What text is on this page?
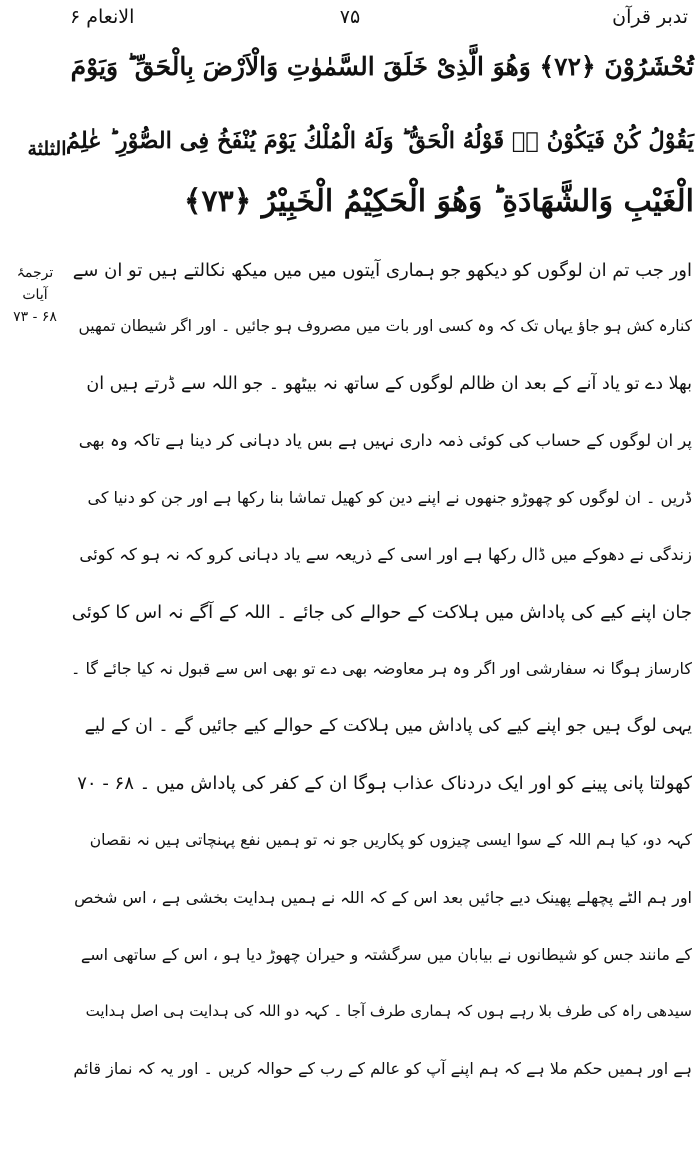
تدبر قرآن
۷۵
الانعام ۶
تُحْشَرُوْنَ ﴿۷۲﴾ وَهُوَ الَّذِیْ خَلَقَ السَّمٰوٰتِ وَالْاَرْضَ بِالْحَقِّ ؕ وَیَوْمَ
یَقُوْلُ كُنْ فَیَكُوْنُ ؕ۬ قَوْلُهُ الْحَقُّ ؕ وَلَهُ الْمُلْكُ یَوْمَ یُنْفَخُ فِی الصُّوْرِ ؕ عٰلِمُ
الْغَیْبِ وَالشَّهَادَةِ ؕ وَهُوَ الْحَكِیْمُ الْخَبِیْرُ ﴿۷۳﴾
الثلثة
ترجمۂ آیات
۶۸ - ۷۳
اور جب تم ان لوگوں کو دیکھو جو ہماری آیتوں میں میں میکھ نکالتے ہیں تو ان سے
کنارہ کش ہو جاؤ یہاں تک کہ وہ کسی اور بات میں مصروف ہو جائیں ۔ اور اگر شیطان تمھیں
بھلا دے تو یاد آنے کے بعد ان ظالم لوگوں کے ساتھ نہ بیٹھو ۔ جو اللہ سے ڈرتے ہیں ان
پر ان لوگوں کے حساب کی کوئی ذمہ داری نہیں ہے بس یاد دہانی کر دینا ہے تاکہ وہ بھی
ڈریں ۔ ان لوگوں کو چھوڑو جنھوں نے اپنے دین کو کھیل تماشا بنا رکھا ہے اور جن کو دنیا کی
زندگی نے دھوکے میں ڈال رکھا ہے اور اسی کے ذریعہ سے یاد دہانی کرو کہ نہ ہو کہ کوئی
جان اپنے کیے کی پاداش میں ہلاکت کے حوالے کی جائے ۔ اللہ کے آگے نہ اس کا کوئی
کارساز ہوگا نہ سفارشی اور اگر وہ ہر معاوضہ بھی دے تو بھی اس سے قبول نہ کیا جائے گا ۔
یہی لوگ ہیں جو اپنے کیے کی پاداش میں ہلاکت کے حوالے کیے جائیں گے ۔ ان کے لیے
کھولتا پانی پینے کو اور ایک دردناک عذاب ہوگا ان کے کفر کی پاداش میں ۔ ۶۸ - ۷۰
کہہ دو، کیا ہم اللہ کے سوا ایسی چیزوں کو پکاریں جو نہ تو ہمیں نفع پہنچاتی ہیں نہ نقصان
اور ہم الٹے پچھلے پھینک دیے جائیں بعد اس کے کہ اللہ نے ہمیں ہدایت بخشی ہے ، اس شخص
کے مانند جس کو شیطانوں نے بیابان میں سرگشتہ و حیران چھوڑ دیا ہو ، اس کے ساتھی اسے
سیدھی راہ کی طرف بلا رہے ہوں کہ ہماری طرف آجا ۔ کہہ دو اللہ کی ہدایت ہی اصل ہدایت
ہے اور ہمیں حکم ملا ہے کہ ہم اپنے آپ کو عالم کے رب کے حوالہ کریں ۔ اور یہ کہ نماز قائم
